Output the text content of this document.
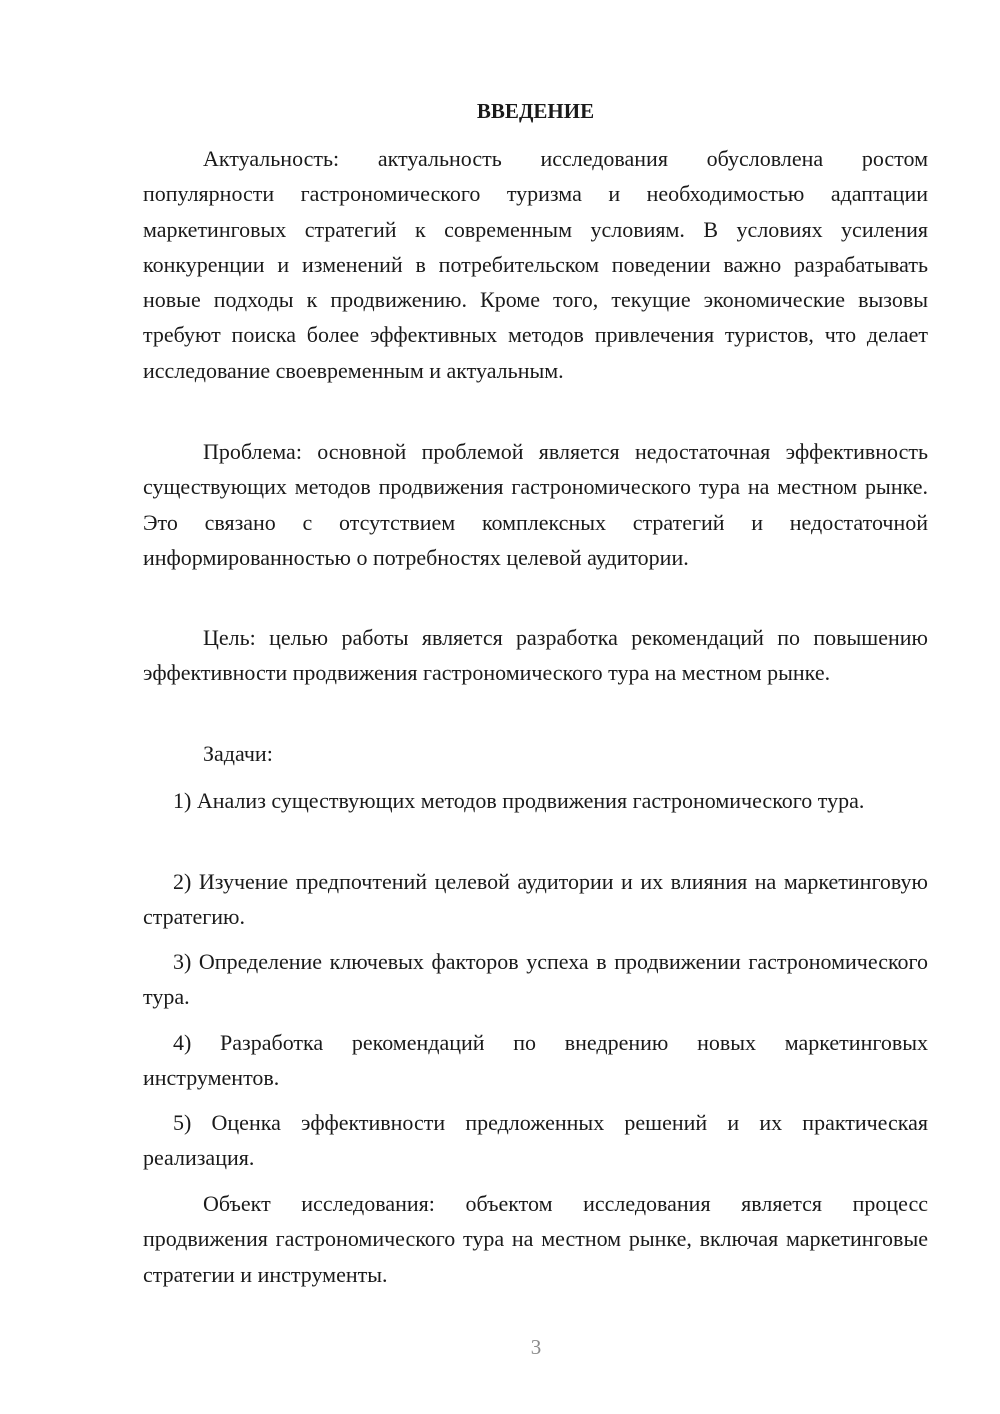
ВВЕДЕНИЕ

Актуальность: актуальность исследования обусловлена ростом популярности гастрономического туризма и необходимостью адаптации маркетинговых стратегий к современным условиям. В условиях усиления конкуренции и изменений в потребительском поведении важно разрабатывать новые подходы к продвижению. Кроме того, текущие экономические вызовы требуют поиска более эффективных методов привлечения туристов, что делает исследование своевременным и актуальным.

Проблема: основной проблемой является недостаточная эффективность существующих методов продвижения гастрономического тура на местном рынке. Это связано с отсутствием комплексных стратегий и недостаточной информированностью о потребностях целевой аудитории.

Цель: целью работы является разработка рекомендаций по повышению эффективности продвижения гастрономического тура на местном рынке.

Задачи:

1) Анализ существующих методов продвижения гастрономического тура.

2) Изучение предпочтений целевой аудитории и их влияния на маркетинговую стратегию.

3) Определение ключевых факторов успеха в продвижении гастрономического тура.

4) Разработка рекомендаций по внедрению новых маркетинговых инструментов.

5) Оценка эффективности предложенных решений и их практическая реализация.

Объект исследования: объектом исследования является процесс продвижения гастрономического тура на местном рынке, включая маркетинговые стратегии и инструменты.

3
